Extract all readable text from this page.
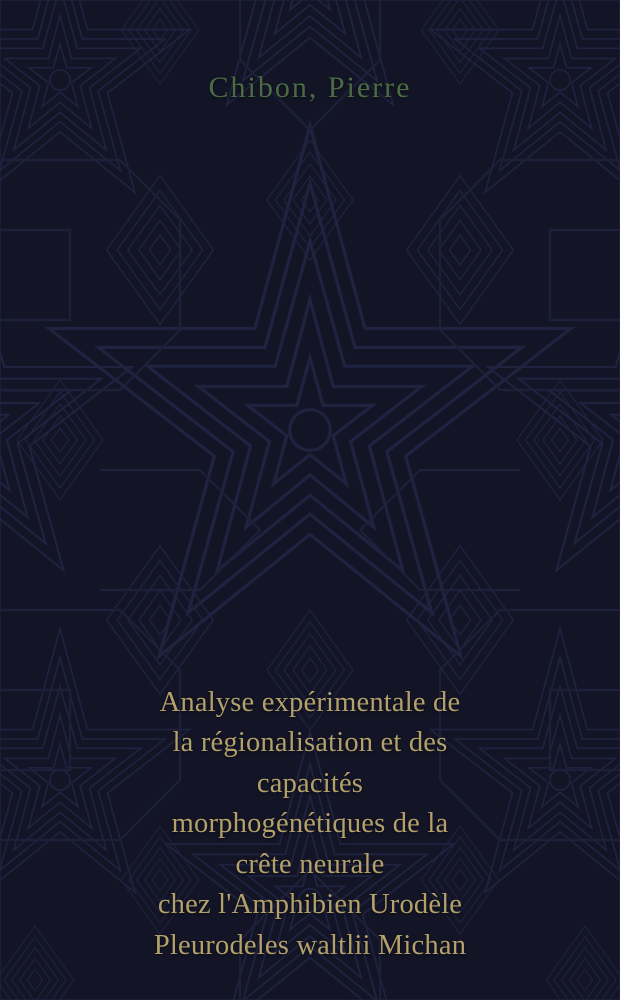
Chibon, Pierre
Analyse expérimentale de
la régionalisation et des
capacités
morphogénétiques de la
crête neurale
chez l'Amphibien Urodèle
Pleurodeles waltlii Michan
